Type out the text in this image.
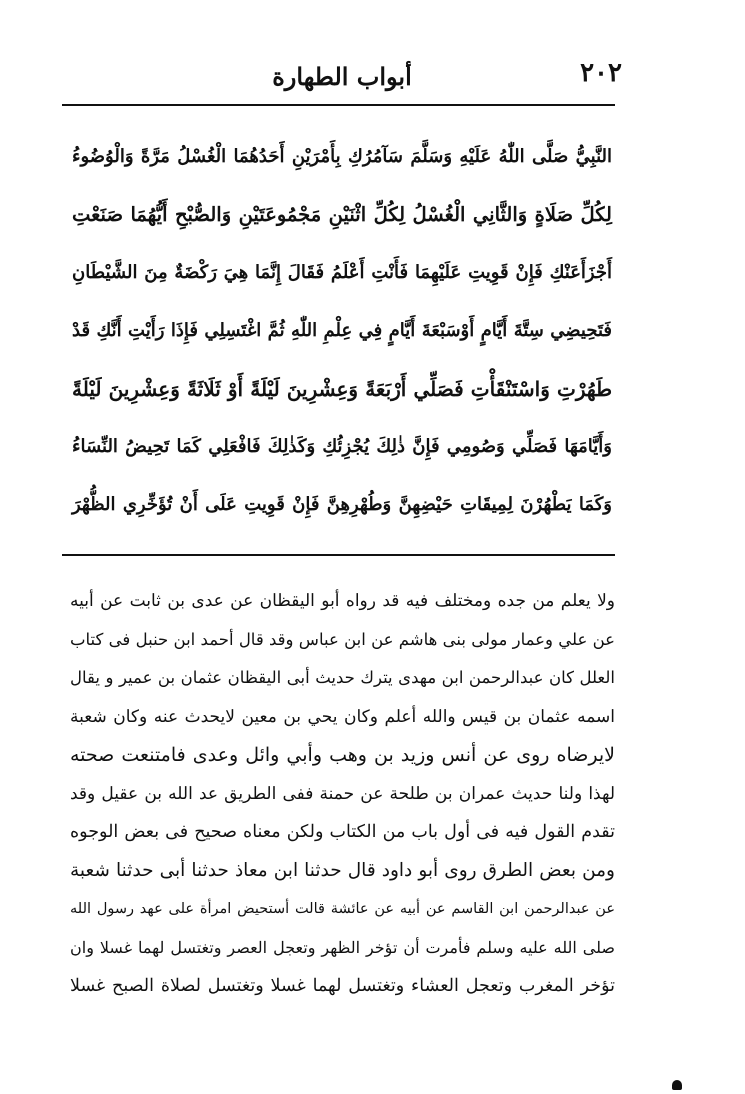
٢٠٢
أبواب الطهارة
النَّبِيُّ صَلَّى اللّٰهُ عَلَيْهِ وَسَلَّمَ سَآمُرُكِ بِأَمْرَيْنِ أَحَدُهُمَا الْغُسْلُ مَرَّةً وَالْوُضُوءُ
لِكُلِّ صَلَاةٍ وَالثَّانِي الْغُسْلُ لِكُلِّ اثْنَيْنِ مَجْمُوعَتَيْنِ وَالصُّبْحِ أَيُّهُمَا صَنَعْتِ
أَجْزَأَعَنْكِ فَإِنْ قَوِيتِ عَلَيْهِمَا فَأَنْتِ أَعْلَمُ فَقَالَ إِنَّمَا هِيَ رَكْضَةٌ مِنَ الشَّيْطَانِ
فَتَحِيضِي سِتَّةَ أَيَّامٍ أَوْسَبْعَةَ أَيَّامٍ فِي عِلْمِ اللّٰهِ ثُمَّ اغْتَسِلِي فَإِذَا رَأَيْتِ أَنَّكِ قَدْ
طَهُرْتِ وَاسْتَنْقَأْتِ فَصَلِّي أَرْبَعَةً وَعِشْرِينَ لَيْلَةً أَوْ ثَلَاثَةً وَعِشْرِينَ لَيْلَةً
وَأَيَّامَهَا فَصَلِّي وَصُومِي فَإِنَّ ذٰلِكَ يُجْزِئُكِ وَكَذٰلِكَ فَافْعَلِي كَمَا تَحِيضُ النِّسَاءُ
وَكَمَا يَطْهُرْنَ لِمِيقَاتِ حَيْضِهِنَّ وَطُهْرِهِنَّ فَإِنْ قَوِيتِ عَلَى أَنْ تُؤَخِّرِي الظُّهْرَ
ولا يعلم من جده ومختلف فيه قد رواه أبو اليقظان عن عدى بن ثابت عن أبيه
عن علي وعمار مولى بنى هاشم عن ابن عباس وقد قال أحمد ابن حنبل فى كتاب
العلل كان عبدالرحمن ابن مهدى يترك حديث أبى اليقظان عثمان بن عمير و يقال
اسمه عثمان بن قيس والله أعلم وكان يحي بن معين لايحدث عنه وكان شعبة
لايرضاه روى عن أنس وزيد بن وهب وأبي وائل وعدى فامتنعت صحته
لهذا ولنا حديث عمران بن طلحة عن حمنة ففى الطريق عد الله بن عقيل وقد
تقدم القول فيه فى أول باب من الكتاب ولكن معناه صحيح فى بعض الوجوه
ومن بعض الطرق روى أبو داود قال حدثنا ابن معاذ حدثنا أبى حدثنا شعبة
عن عبدالرحمن ابن القاسم عن أبيه عن عائشة قالت أستحيض امرأة على عهد رسول الله
صلى الله عليه وسلم فأمرت أن تؤخر الظهر وتعجل العصر وتغتسل لهما غسلا وان
تؤخر المغرب وتعجل العشاء وتغتسل لهما غسلا وتغتسل لصلاة الصبح غسلا
